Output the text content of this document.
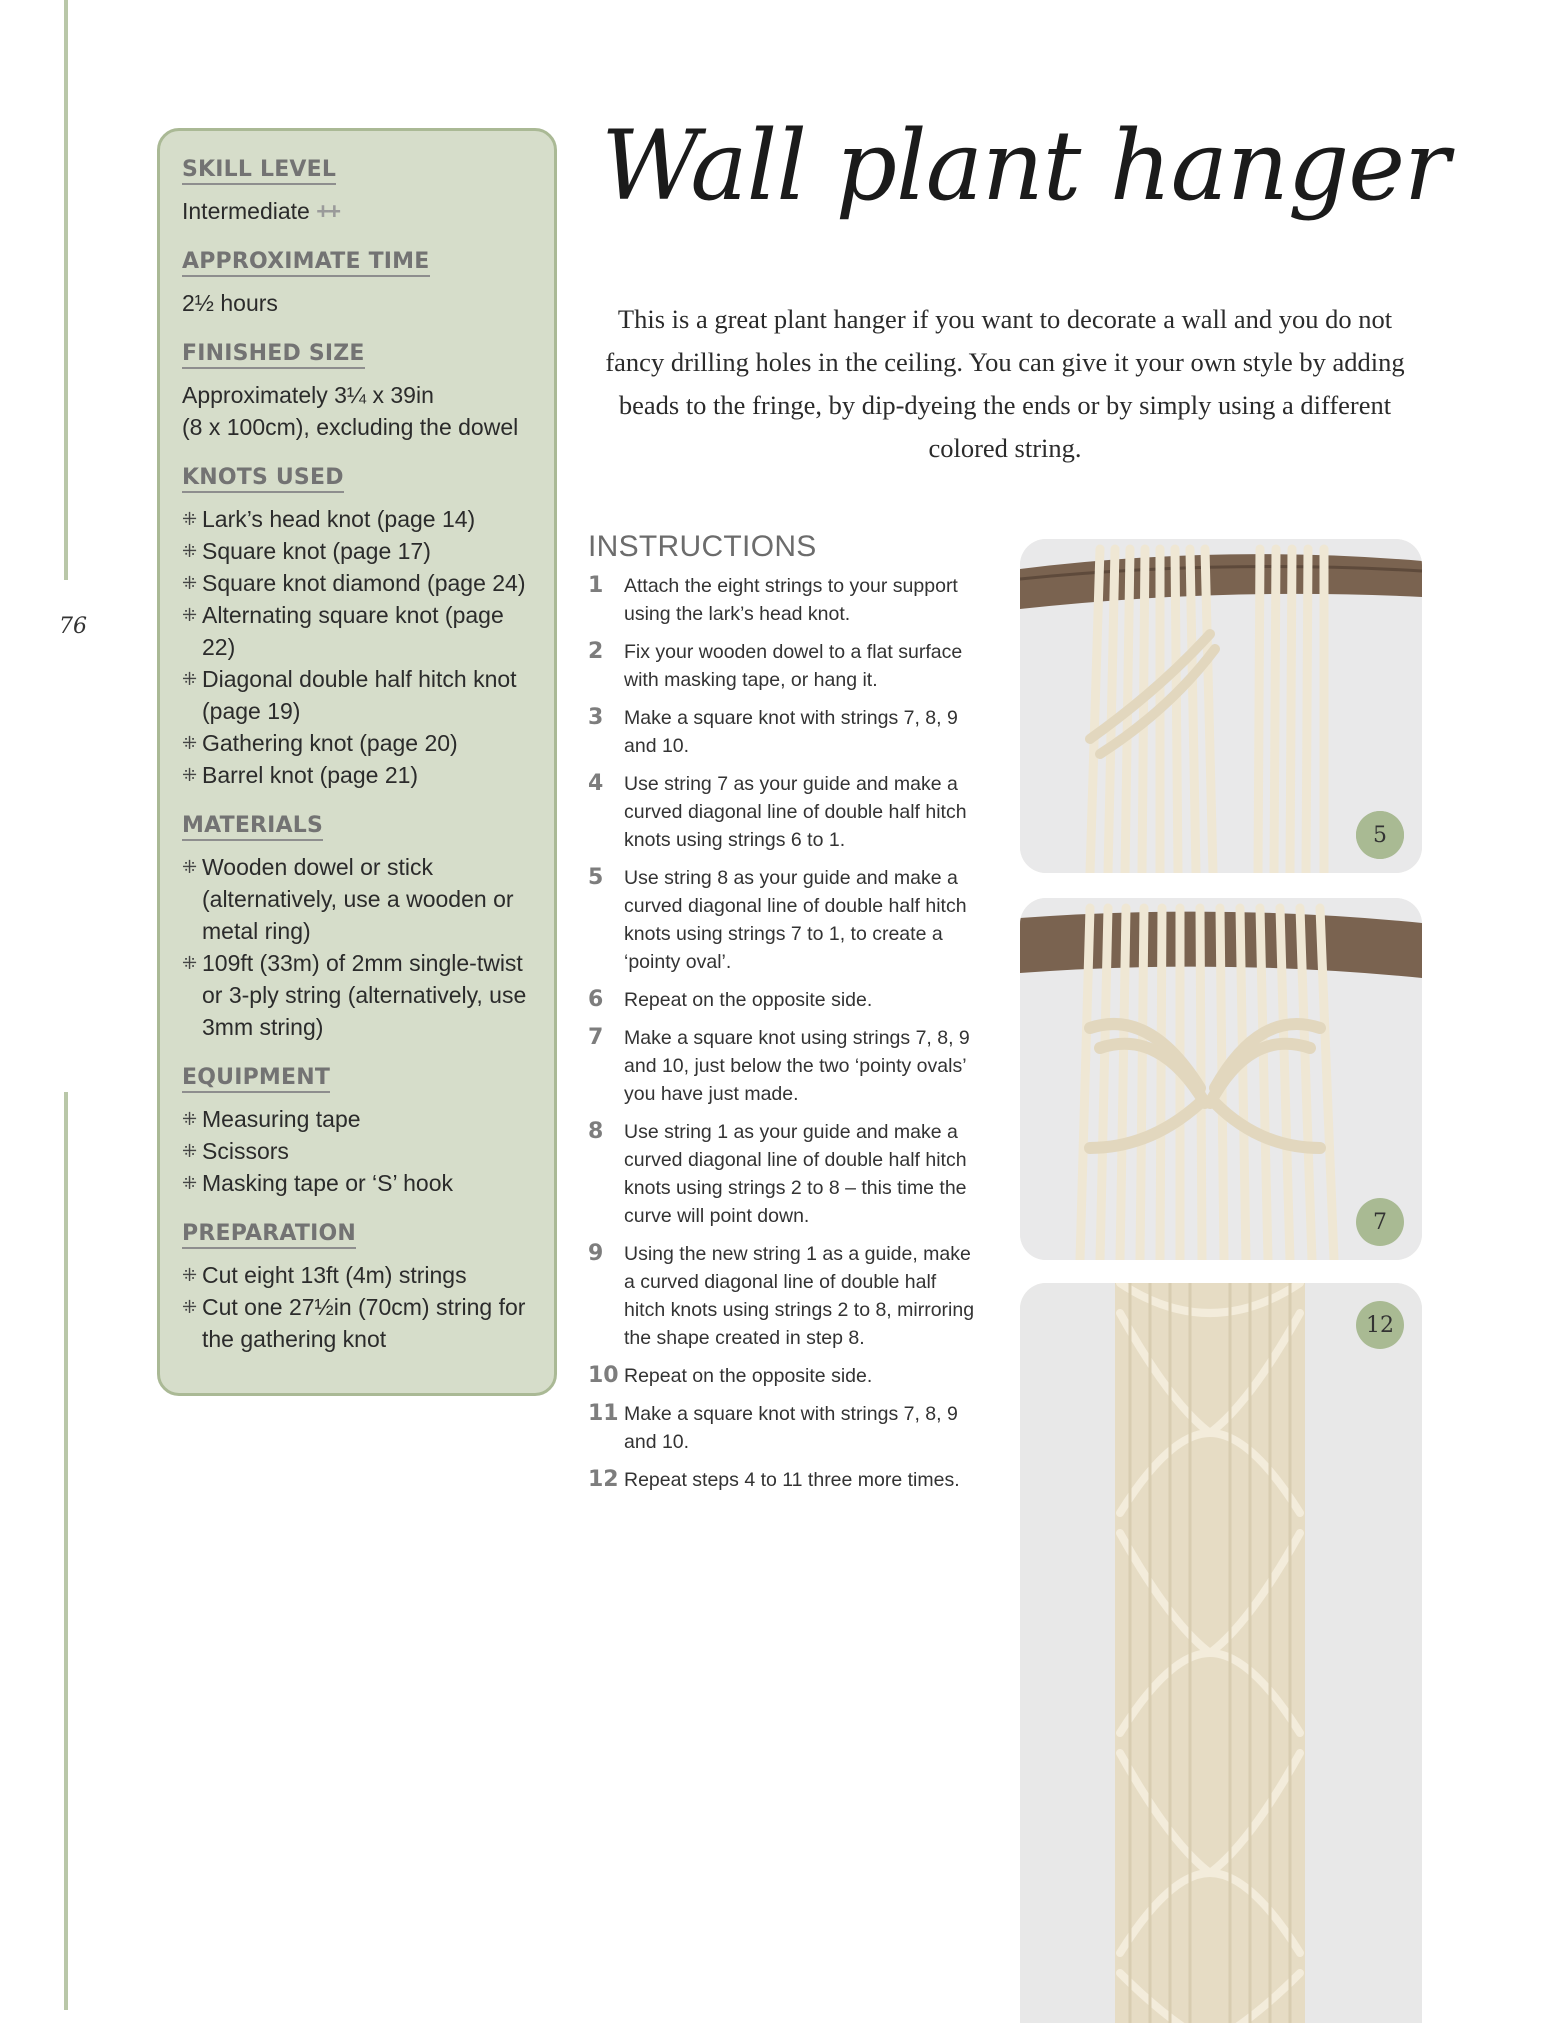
76
SKILL LEVEL
Intermediate ++
APPROXIMATE TIME
2½ hours
FINISHED SIZE
Approximately 3¼ x 39in
(8 x 100cm), excluding the dowel
KNOTS USED
⁜ Lark’s head knot (page 14)
⁜ Square knot (page 17)
⁜ Square knot diamond (page 24)
⁜ Alternating square knot (page 22)
⁜ Diagonal double half hitch knot (page 19)
⁜ Gathering knot (page 20)
⁜ Barrel knot (page 21)
MATERIALS
⁜ Wooden dowel or stick (alternatively, use a wooden or metal ring)
⁜ 109ft (33m) of 2mm single-twist or 3-ply string (alternatively, use 3mm string)
EQUIPMENT
⁜ Measuring tape
⁜ Scissors
⁜ Masking tape or ‘S’ hook
PREPARATION
⁜ Cut eight 13ft (4m) strings
⁜ Cut one 27½in (70cm) string for the gathering knot
Wall plant hanger
This is a great plant hanger if you want to decorate a wall and you do not fancy drilling holes in the ceiling. You can give it your own style by adding beads to the fringe, by dip-dyeing the ends or by simply using a different colored string.
INSTRUCTIONS
1	Attach the eight strings to your support using the lark’s head knot.
2	Fix your wooden dowel to a flat surface with masking tape, or hang it.
3	Make a square knot with strings 7, 8, 9 and 10.
4	Use string 7 as your guide and make a curved diagonal line of double half hitch knots using strings 6 to 1.
5	Use string 8 as your guide and make a curved diagonal line of double half hitch knots using strings 7 to 1, to create a ‘pointy oval’.
6	Repeat on the opposite side.
7	Make a square knot using strings 7, 8, 9 and 10, just below the two ‘pointy ovals’ you have just made.
8	Use string 1 as your guide and make a curved diagonal line of double half hitch knots using strings 2 to 8 – this time the curve will point down.
9	Using the new string 1 as a guide, make a curved diagonal line of double half hitch knots using strings 2 to 8, mirroring the shape created in step 8.
10 Repeat on the opposite side.
11 Make a square knot with strings 7, 8, 9 and 10.
12 Repeat steps 4 to 11 three more times.
5
7
12
